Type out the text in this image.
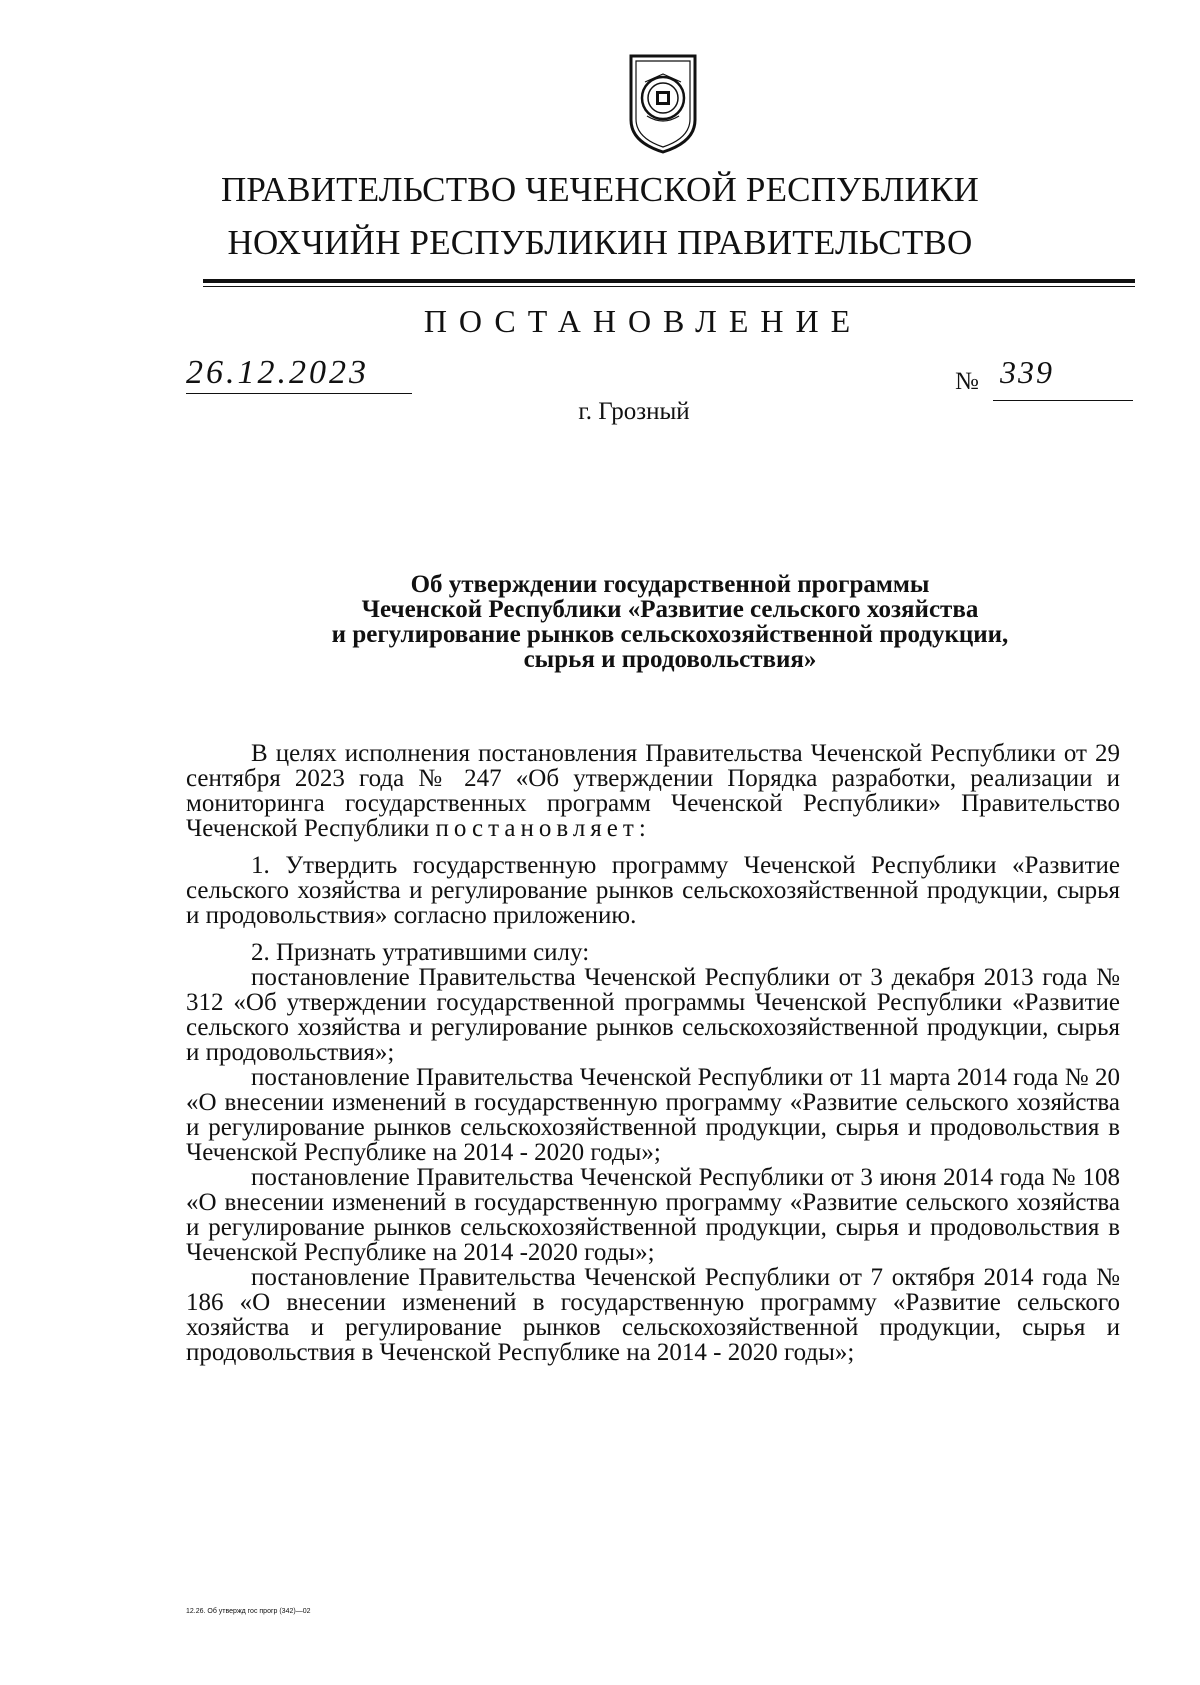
ПРАВИТЕЛЬСТВО ЧЕЧЕНСКОЙ РЕСПУБЛИКИ
НОХЧИЙН РЕСПУБЛИКИН ПРАВИТЕЛЬСТВО
ПОСТАНОВЛЕНИЕ
26.12.2023	№ 339
г. Грозный
Об утверждении государственной программы
Чеченской Республики «Развитие сельского хозяйства
и регулирование рынков сельскохозяйственной продукции,
сырья и продовольствия»

В целях исполнения постановления Правительства Чеченской Республики от 29 сентября 2023 года № 247 «Об утверждении Порядка разработки, реализации и мониторинга государственных программ Чеченской Республики» Правительство Чеченской Республики постановляет:

1. Утвердить государственную программу Чеченской Республики «Развитие сельского хозяйства и регулирование рынков сельскохозяйственной продукции, сырья и продовольствия» согласно приложению.

2. Признать утратившими силу:

постановление Правительства Чеченской Республики от 3 декабря 2013 года № 312 «Об утверждении государственной программы Чеченской Республики «Развитие сельского хозяйства и регулирование рынков сельскохозяйственной продукции, сырья и продовольствия»;

постановление Правительства Чеченской Республики от 11 марта 2014 года № 20 «О внесении изменений в государственную программу «Развитие сельского хозяйства и регулирование рынков сельскохозяйственной продукции, сырья и продовольствия в Чеченской Республике на 2014 - 2020 годы»;

постановление Правительства Чеченской Республики от 3 июня 2014 года № 108 «О внесении изменений в государственную программу «Развитие сельского хозяйства и регулирование рынков сельскохозяйственной продукции, сырья и продовольствия в Чеченской Республике на 2014 -2020 годы»;

постановление Правительства Чеченской Республики от 7 октября 2014 года № 186 «О внесении изменений в государственную программу «Развитие сельского хозяйства и регулирование рынков сельскохозяйственной продукции, сырья и продовольствия в Чеченской Республике на 2014 - 2020 годы»;

12.26. Об утвержд гос прогр (342)—02
